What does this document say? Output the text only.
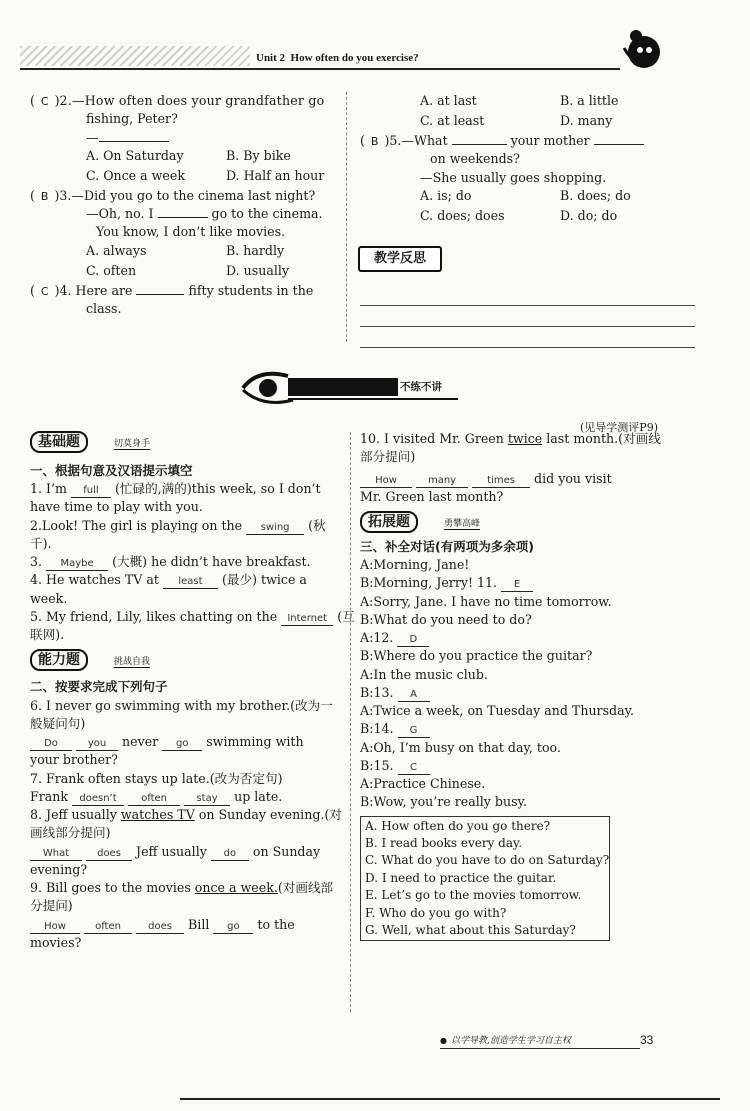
Unit 2  How often do you exercise?
( C )2.—How often does your grandfather go
fishing, Peter?
—
A. On Saturday	B. By bike
C. Once a week	D. Half an hour
( B )3.—Did you go to the cinema last night?
—Oh, no. I	go to the cinema.
You know, I don’t like movies.
A. always	B. hardly
C. often	D. usually
( C )4. Here are	fifty students in the
class.
A. at last	B. a little
C. at least	D. many
( B )5.—What	your mother
on weekends?
—She usually goes shopping.
A. is; do	B. does; do
C. does; does	D. do; do
教学反思
不练不讲
(见导学测评P9)
基础题	切莫身手
一、根据句意及汉语提示填空
1. I’m full (忙碌的,满的)this week, so I don’t
have time to play with you.
2.Look! The girl is playing on the swing (秋
千).
3. Maybe (大概) he didn’t have breakfast.
4. He watches TV at least (最少) twice a
week.
5. My friend, Lily, likes chatting on the Internet (互
联网).
能力题	挑战自我
二、按要求完成下列句子
6. I never go swimming with my brother.(改为一
般疑问句)
Do	you never go swimming with
your brother?
7. Frank often stays up late.(改为否定句)
Frank doesn’t often	stay up late.
8. Jeff usually watches TV on Sunday evening.(对
画线部分提问)
What	does Jeff usually do on Sunday
evening?
9. Bill goes to the movies once a week.(对画线部
分提问)
How	often	does Bill go to the
movies?
10. I visited Mr. Green twice last month.(对画线
部分提问)
How	many	times did you visit
Mr. Green last month?
拓展题	勇攀高峰
三、补全对话(有两项为多余项)
A:Morning, Jane!
B:Morning, Jerry! 11. E
A:Sorry, Jane. I have no time tomorrow.
B:What do you need to do?
A:12. D
B:Where do you practice the guitar?
A:In the music club.
B:13. A
A:Twice a week, on Tuesday and Thursday.
B:14. G
A:Oh, I’m busy on that day, too.
B:15. C
A:Practice Chinese.
B:Wow, you’re really busy.
A. How often do you go there?
B. I read books every day.
C. What do you have to do on Saturday?
D. I need to practice the guitar.
E. Let’s go to the movies tomorrow.
F. Who do you go with?
G. Well, what about this Saturday?
● 以学导教,创造学生学习自主权	33
